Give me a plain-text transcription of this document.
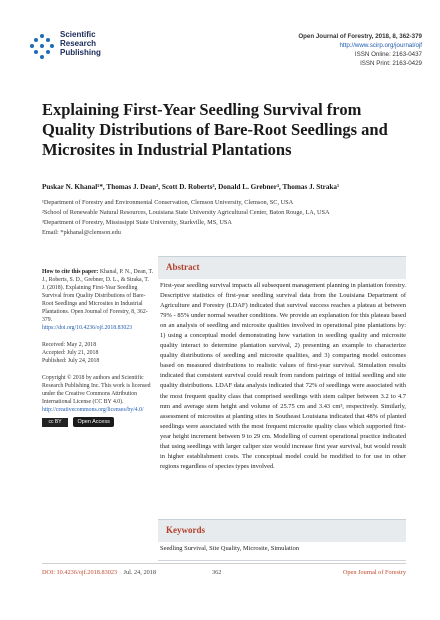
Scientific
Research
Publishing
Open Journal of Forestry, 2018, 8, 362-379
http://www.scirp.org/journal/ojf
ISSN Online: 2163-0437
ISSN Print: 2163-0429
Explaining First-Year Seedling Survival from Quality Distributions of Bare-Root Seedlings and Microsites in Industrial Plantations
Puskar N. Khanal¹*, Thomas J. Dean², Scott D. Roberts³, Donald L. Grebner³, Thomas J. Straka¹
¹Department of Forestry and Environmental Conservation, Clemson University, Clemson, SC, USA
²School of Renewable Natural Resources, Louisiana State University Agricultural Center, Baton Rouge, LA, USA
³Department of Forestry, Mississippi State University, Starkville, MS, USA
Email: *pkhanal@clemson.edu
How to cite this paper: Khanal, P. N., Dean, T. J., Roberts, S. D., Grebner, D. L., & Straka, T. J. (2018). Explaining First-Year Seedling Survival from Quality Distributions of Bare-Root Seedlings and Microsites in Industrial Plantations. Open Journal of Forestry, 8, 362-379.
https://doi.org/10.4236/ojf.2018.83023
Received: May 2, 2018
Accepted: July 21, 2018
Published: July 24, 2018
Copyright © 2018 by authors and Scientific Research Publishing Inc. This work is licensed under the Creative Commons Attribution International License (CC BY 4.0).
http://creativecommons.org/licenses/by/4.0/
cc BY	Open Access
Abstract
First-year seedling survival impacts all subsequent management planning in plantation forestry. Descriptive statistics of first-year seedling survival data from the Louisiana Department of Agriculture and Forestry (LDAF) indicated that survival success reaches a plateau at between 79% - 85% under normal weather conditions. We provide an explanation for this plateau based on an analysis of seedling and microsite qualities involved in operational pine plantations by: 1) using a conceptual model demonstrating how variation in seedling quality and microsite quality interact to determine plantation survival, 2) presenting an example to characterize quality distributions of seedling and microsite qualities, and 3) comparing model outcomes based on measured distributions to realistic values of first-year survival. Simulation results indicated that consistent survival could result from random pairings of initial seedling and site quality distributions. LDAF data analysis indicated that 72% of seedlings were associated with the most frequent quality class that comprised seedlings with stem caliper between 3.2 to 4.7 mm and average stem height and volume of 25.75 cm and 3.43 cm³, respectively. Similarly, assessment of microsites at planting sites in Southeast Louisiana indicated that 48% of planted seedlings were associated with the most frequent microsite quality class which supported first-year height increment between 9 to 29 cm. Modelling of current operational practice indicated that using seedlings with larger caliper size would increase first year survival, but would result in higher establishment costs. The conceptual model could be modified to for use in other regions regardless of species types involved.
Keywords
Seedling Survival, Site Quality, Microsite, Simulation
DOI: 10.4236/ojf.2018.83023 Jul. 24, 2018	362	Open Journal of Forestry
